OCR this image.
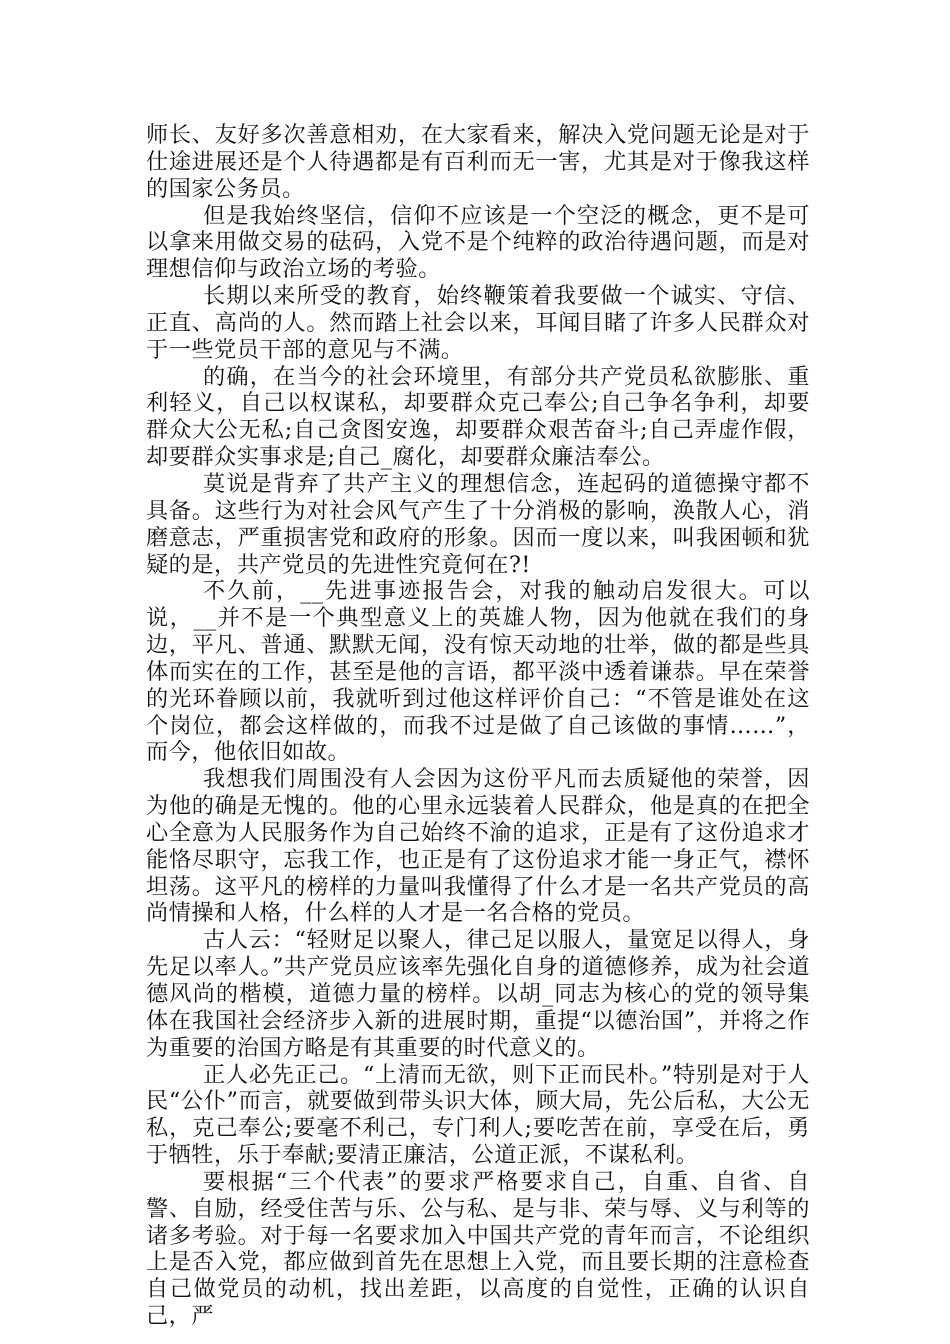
师长、友好多次善意相劝，在大家看来，解决入党问题无论是对于仕途进展还是个人待遇都是有百利而无一害，尤其是对于像我这样的国家公务员。

但是我始终坚信，信仰不应该是一个空泛的概念，更不是可以拿来用做交易的砝码，入党不是个纯粹的政治待遇问题，而是对理想信仰与政治立场的考验。

长期以来所受的教育，始终鞭策着我要做一个诚实、守信、正直、高尚的人。然而踏上社会以来，耳闻目睹了许多人民群众对于一些党员干部的意见与不满。

的确，在当今的社会环境里，有部分共产党员私欲膨胀、重利轻义，自己以权谋私，却要群众克己奉公;自己争名争利，却要群众大公无私;自己贪图安逸，却要群众艰苦奋斗;自己弄虚作假，却要群众实事求是;自己_腐化，却要群众廉洁奉公。

莫说是背弃了共产主义的理想信念，连起码的道德操守都不具备。这些行为对社会风气产生了十分消极的影响，涣散人心，消磨意志，严重损害党和政府的形象。因而一度以来，叫我困顿和犹疑的是，共产党员的先进性究竟何在?!

不久前，__先进事迹报告会，对我的触动启发很大。可以说，__并不是一个典型意义上的英雄人物，因为他就在我们的身边，平凡、普通、默默无闻，没有惊天动地的壮举，做的都是些具体而实在的工作，甚至是他的言语，都平淡中透着谦恭。早在荣誉的光环眷顾以前，我就听到过他这样评价自己：“不管是谁处在这个岗位，都会这样做的，而我不过是做了自己该做的事情……”，而今，他依旧如故。

我想我们周围没有人会因为这份平凡而去质疑他的荣誉，因为他的确是无愧的。他的心里永远装着人民群众，他是真的在把全心全意为人民服务作为自己始终不渝的追求，正是有了这份追求才能恪尽职守，忘我工作，也正是有了这份追求才能一身正气，襟怀坦荡。这平凡的榜样的力量叫我懂得了什么才是一名共产党员的高尚情操和人格，什么样的人才是一名合格的党员。

古人云：“轻财足以聚人，律己足以服人，量宽足以得人，身先足以率人。”共产党员应该率先强化自身的道德修养，成为社会道德风尚的楷模，道德力量的榜样。以胡_同志为核心的党的领导集体在我国社会经济步入新的进展时期，重提“以德治国”，并将之作为重要的治国方略是有其重要的时代意义的。

正人必先正己。“上清而无欲，则下正而民朴。”特别是对于人民“公仆”而言，就要做到带头识大体，顾大局，先公后私，大公无私，克己奉公;要毫不利己，专门利人;要吃苦在前，享受在后，勇于牺牲，乐于奉献;要清正廉洁，公道正派，不谋私利。

要根据“三个代表”的要求严格要求自己，自重、自省、自警、自励，经受住苦与乐、公与私、是与非、荣与辱、义与利等的诸多考验。对于每一名要求加入中国共产党的青年而言，不论组织上是否入党，都应做到首先在思想上入党，而且要长期的注意检查自己做党员的动机，找出差距，以高度的自觉性，正确的认识自己，严
